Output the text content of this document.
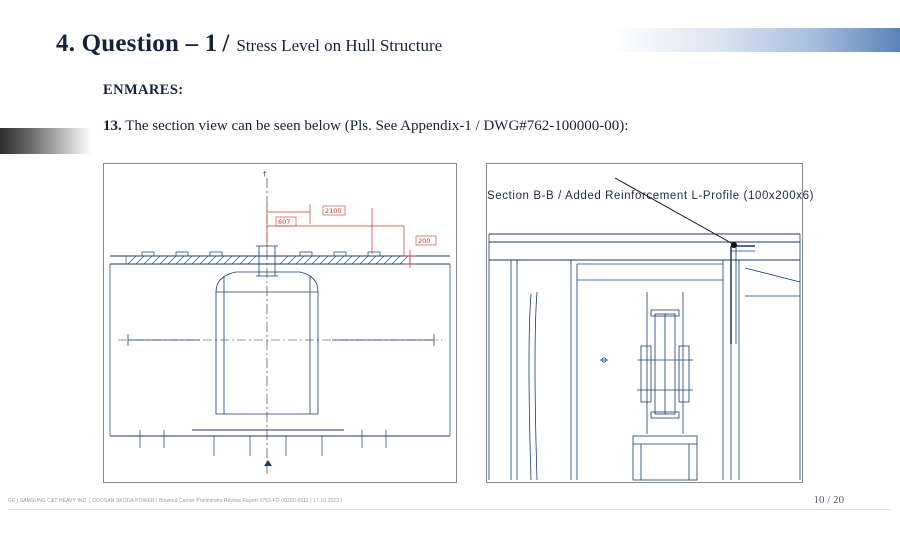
4. Question – 1 / Stress Level on Hull Structure
ENMARES:
13. The section view can be seen below (Pls. See Appendix-1 / DWG#762-100000-00):
†
607
2100
200
Section B-B / Added Reinforcement L-Profile (100x200x6)
GE | SAMSUNG C&T HEAVY IND. | DOOSAN SKODA POWER | Blowout Corner Preliminary Review Report #762-FD-00200-0112 | 17.10.2023 |	10 / 20
